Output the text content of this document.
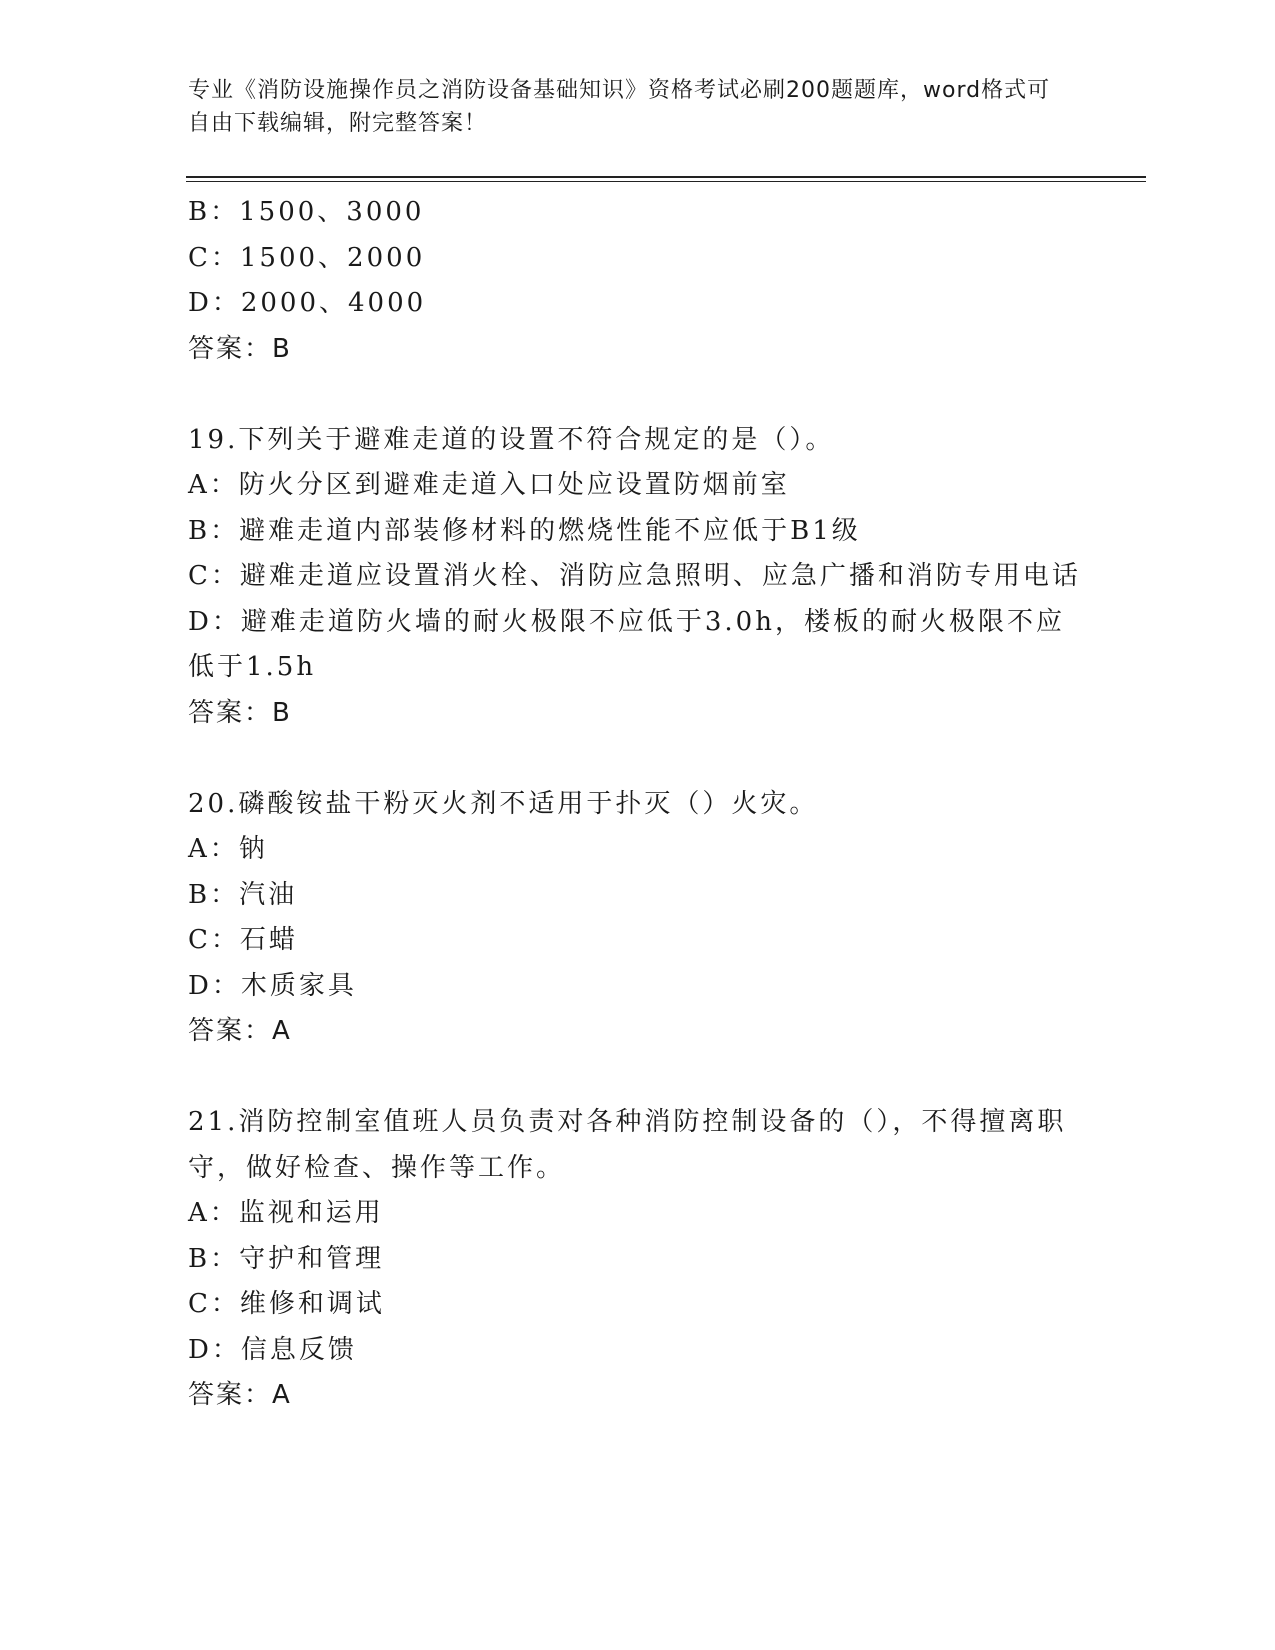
专业《消防设施操作员之消防设备基础知识》资格考试必刷200题题库，word格式可自由下载编辑，附完整答案！
B：1500、3000
C：1500、2000
D：2000、4000
答案：B
19.下列关于避难走道的设置不符合规定的是（）。
A：防火分区到避难走道入口处应设置防烟前室
B：避难走道内部装修材料的燃烧性能不应低于B1级
C：避难走道应设置消火栓、消防应急照明、应急广播和消防专用电话
D：避难走道防火墙的耐火极限不应低于3.0h，楼板的耐火极限不应低于1.5h
答案：B
20.磷酸铵盐干粉灭火剂不适用于扑灭（）火灾。
A：钠
B：汽油
C：石蜡
D：木质家具
答案：A
21.消防控制室值班人员负责对各种消防控制设备的（），不得擅离职守，做好检查、操作等工作。
A：监视和运用
B：守护和管理
C：维修和调试
D：信息反馈
答案：A
